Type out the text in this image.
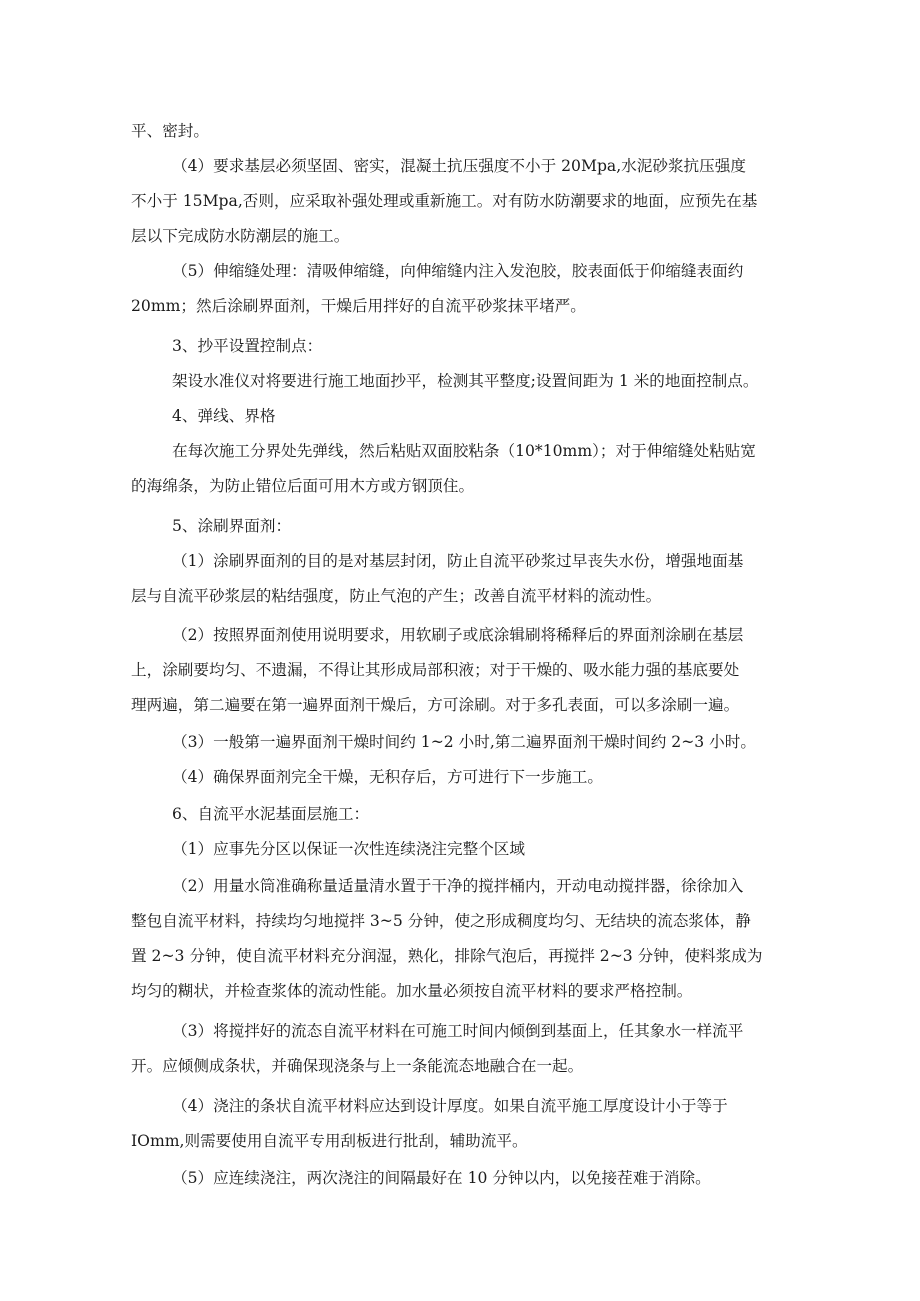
平、密封。
（4）要求基层必须坚固、密实，混凝土抗压强度不小于 20Mpa,水泥砂浆抗压强度
不小于 15Mpa,否则，应采取补强处理或重新施工。对有防水防潮要求的地面，应预先在基
层以下完成防水防潮层的施工。
（5）伸缩缝处理：清吸伸缩缝，向伸缩缝内注入发泡胶，胶表面低于仰缩缝表面约
20mm；然后涂刷界面剂，干燥后用拌好的自流平砂浆抹平堵严。
3、抄平设置控制点：
架设水准仪对将要进行施工地面抄平，检测其平整度;设置间距为 1 米的地面控制点。
4、弹线、界格
在每次施工分界处先弹线，然后粘贴双面胶粘条（10*10mm）；对于伸缩缝处粘贴宽
的海绵条，为防止错位后面可用木方或方钢顶住。
5、涂刷界面剂：
（1）涂刷界面剂的目的是对基层封闭，防止自流平砂浆过早丧失水份，增强地面基
层与自流平砂浆层的粘结强度，防止气泡的产生；改善自流平材料的流动性。
（2）按照界面剂使用说明要求，用软刷子或底涂辑刷将稀释后的界面剂涂刷在基层
上，涂刷要均匀、不遗漏，不得让其形成局部积液；对于干燥的、吸水能力强的基底要处
理两遍，第二遍要在第一遍界面剂干燥后，方可涂刷。对于多孔表面，可以多涂刷一遍。
（3）一般第一遍界面剂干燥时间约 1~2 小时,第二遍界面剂干燥时间约 2~3 小时。
（4）确保界面剂完全干燥，无积存后，方可进行下一步施工。
6、自流平水泥基面层施工：
（1）应事先分区以保证一次性连续浇注完整个区域
（2）用量水筒准确称量适量清水置于干净的搅拌桶内，开动电动搅拌器，徐徐加入
整包自流平材料，持续均匀地搅拌 3~5 分钟，使之形成稠度均匀、无结块的流态浆体，静
置 2~3 分钟，使自流平材料充分润湿，熟化，排除气泡后，再搅拌 2~3 分钟，使料浆成为
均匀的糊状，并检查浆体的流动性能。加水量必须按自流平材料的要求严格控制。
（3）将搅拌好的流态自流平材料在可施工时间内倾倒到基面上，任其象水一样流平
开。应倾侧成条状，并确保现浇条与上一条能流态地融合在一起。
（4）浇注的条状自流平材料应达到设计厚度。如果自流平施工厚度设计小于等于
IOmm,则需要使用自流平专用刮板进行批刮，辅助流平。
（5）应连续浇注，两次浇注的间隔最好在 10 分钟以内，以免接茬难于消除。
